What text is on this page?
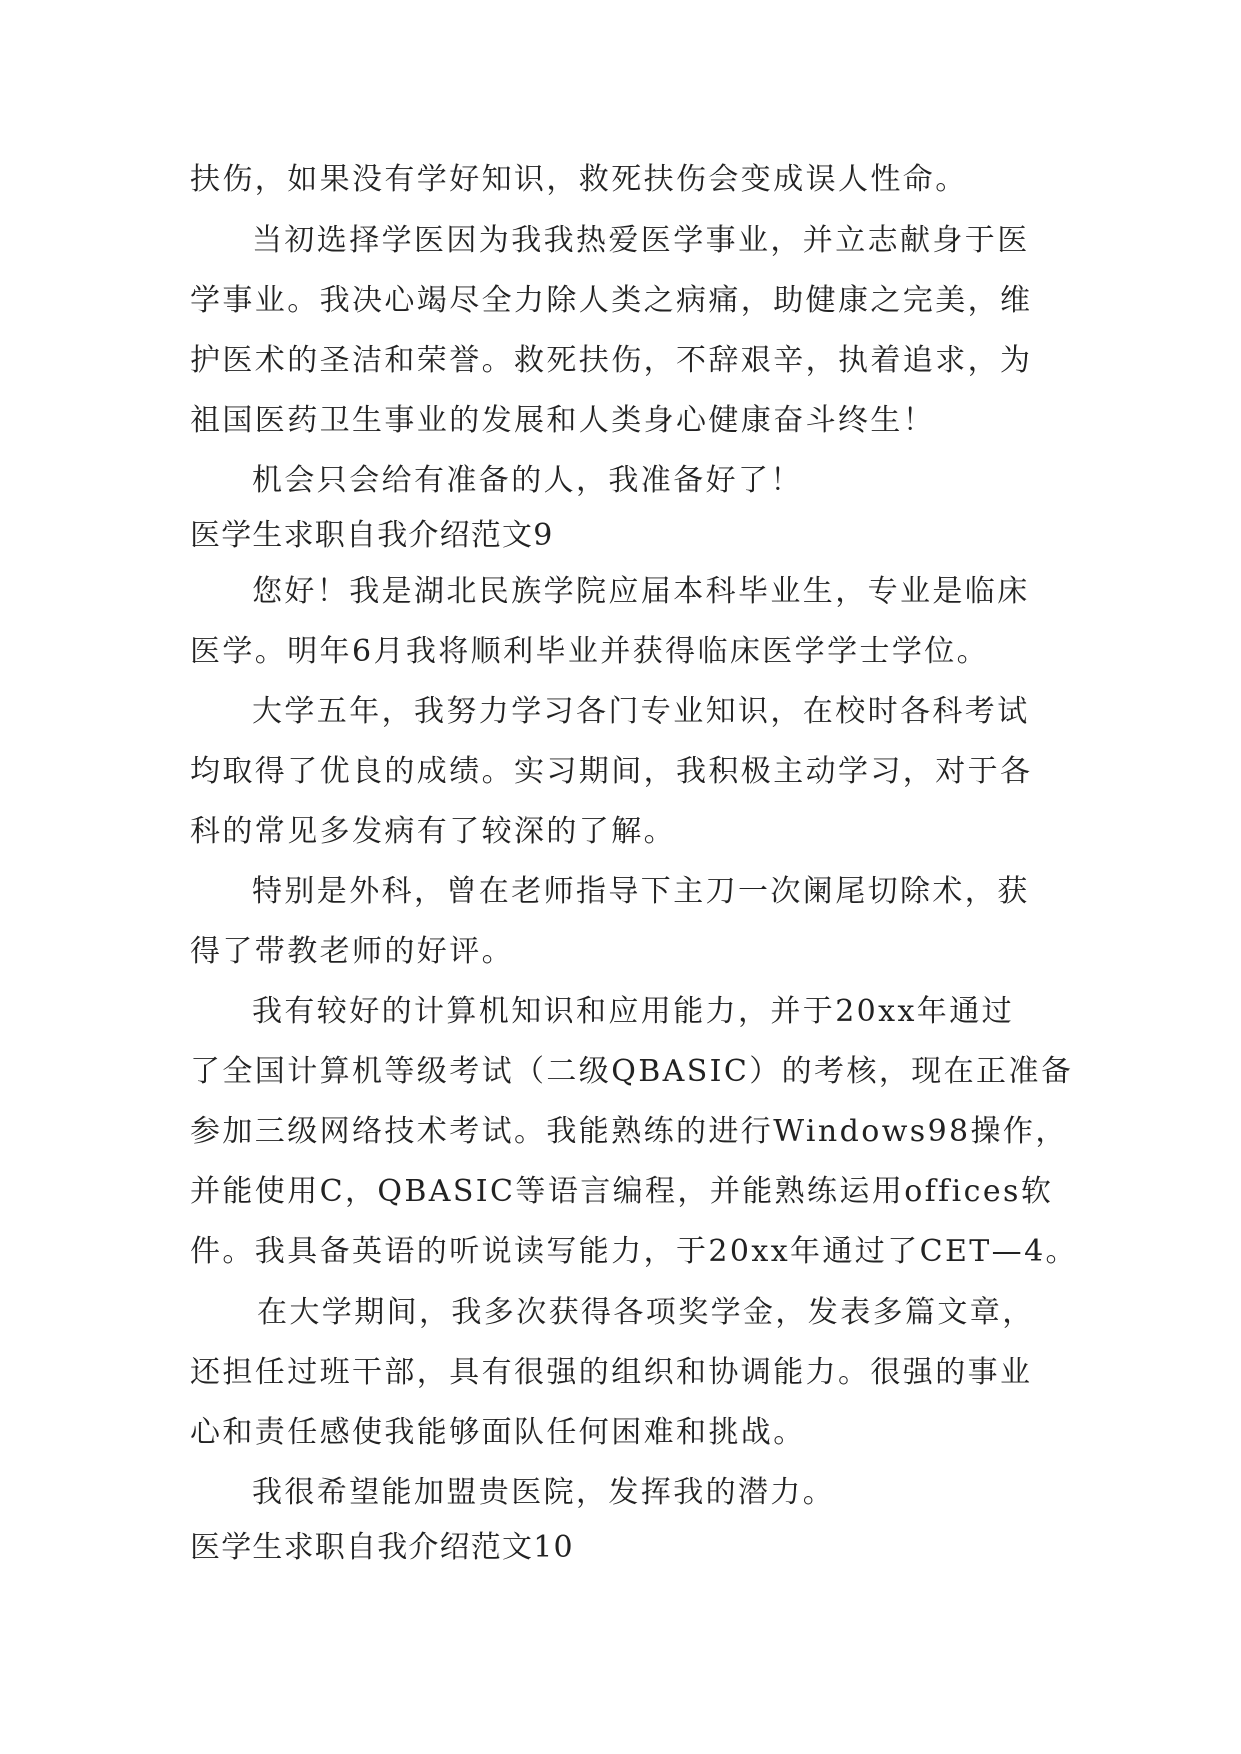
扶伤，如果没有学好知识，救死扶伤会变成误人性命。
当初选择学医因为我我热爱医学事业，并立志献身于医
学事业。我决心竭尽全力除人类之病痛，助健康之完美，维
护医术的圣洁和荣誉。救死扶伤，不辞艰辛，执着追求，为
祖国医药卫生事业的发展和人类身心健康奋斗终生！
机会只会给有准备的人，我准备好了！
医学生求职自我介绍范文9
您好！我是湖北民族学院应届本科毕业生，专业是临床
医学。明年6月我将顺利毕业并获得临床医学学士学位。
大学五年，我努力学习各门专业知识，在校时各科考试
均取得了优良的成绩。实习期间，我积极主动学习，对于各
科的常见多发病有了较深的了解。
特别是外科，曾在老师指导下主刀一次阑尾切除术，获
得了带教老师的好评。
我有较好的计算机知识和应用能力，并于20xx年通过
了全国计算机等级考试（二级QBASIC）的考核，现在正准备
参加三级网络技术考试。我能熟练的进行Windows98操作，
并能使用C，QBASIC等语言编程，并能熟练运用offices软
件。我具备英语的听说读写能力，于20xx年通过了CET—4。
在大学期间，我多次获得各项奖学金，发表多篇文章，
还担任过班干部，具有很强的组织和协调能力。很强的事业
心和责任感使我能够面队任何困难和挑战。
我很希望能加盟贵医院，发挥我的潜力。
医学生求职自我介绍范文10
